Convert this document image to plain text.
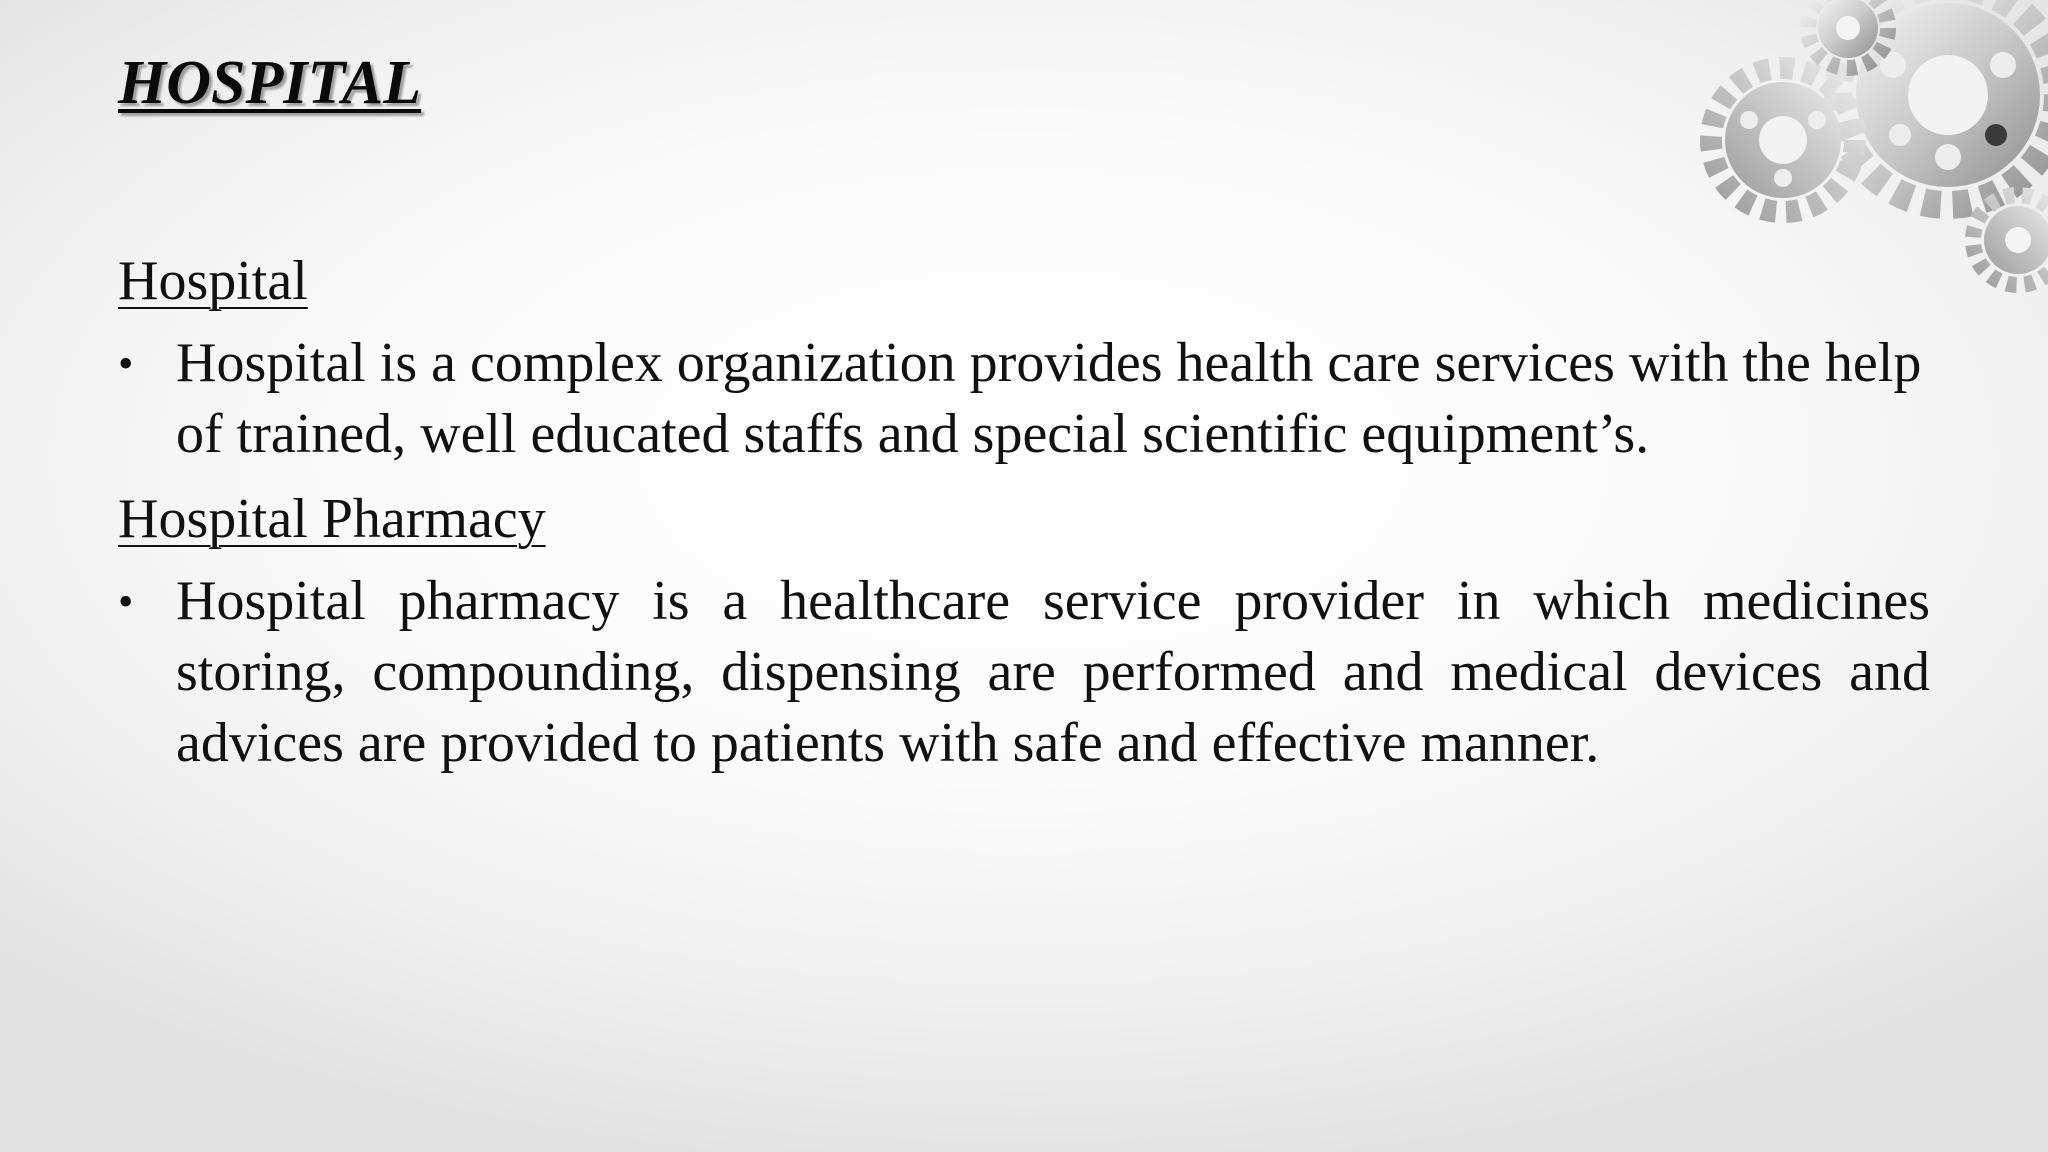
HOSPITAL

Hospital

• Hospital is a complex organization provides health care services with the help of trained, well educated staffs and special scientific equipment’s.

Hospital Pharmacy

• Hospital pharmacy is a healthcare service provider in which medicines storing, compounding, dispensing are performed and medical devices and advices are provided to patients with safe and effective manner.
